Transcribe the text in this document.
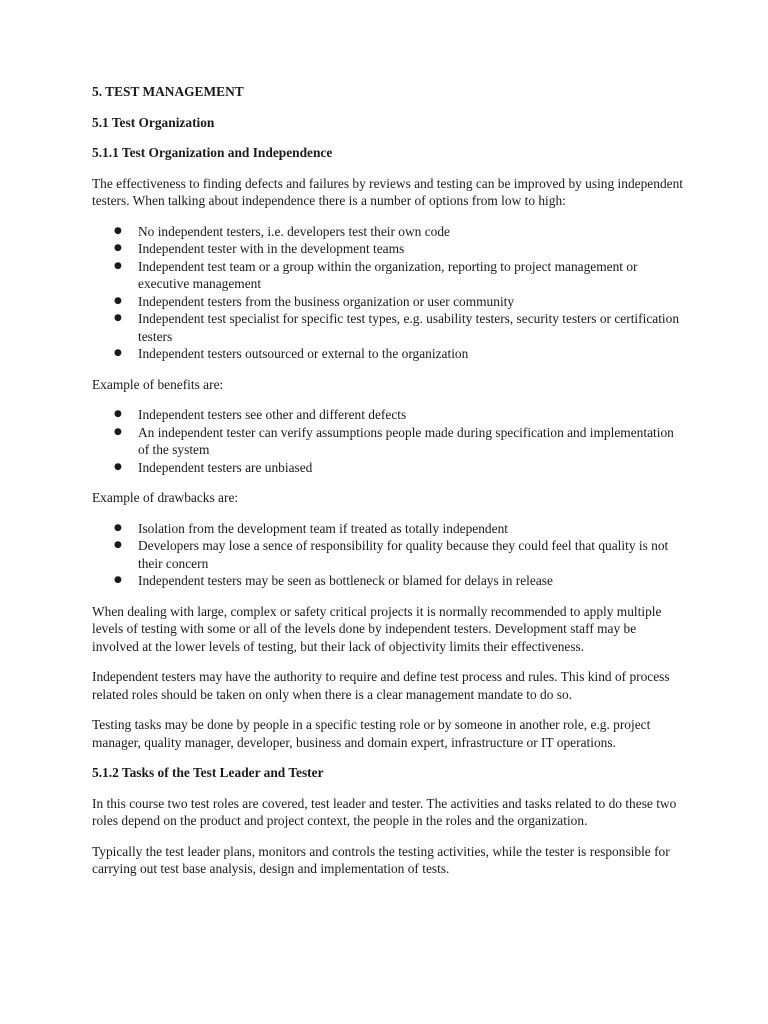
5. TEST MANAGEMENT
5.1 Test Organization
5.1.1 Test Organization and Independence

The effectiveness to finding defects and failures by reviews and testing can be improved by using independent testers. When talking about independence there is a number of options from low to high:

● No independent testers, i.e. developers test their own code
● Independent tester with in the development teams
● Independent test team or a group within the organization, reporting to project management or executive management
● Independent testers from the business organization or user community
● Independent test specialist for specific test types, e.g. usability testers, security testers or certification testers
● Independent testers outsourced or external to the organization

Example of benefits are:

● Independent testers see other and different defects
● An independent tester can verify assumptions people made during specification and implementation of the system
● Independent testers are unbiased

Example of drawbacks are:

● Isolation from the development team if treated as totally independent
● Developers may lose a sence of responsibility for quality because they could feel that quality is not their concern
● Independent testers may be seen as bottleneck or blamed for delays in release

When dealing with large, complex or safety critical projects it is normally recommended to apply multiple levels of testing with some or all of the levels done by independent testers. Development staff may be involved at the lower levels of testing, but their lack of objectivity limits their effectiveness.

Independent testers may have the authority to require and define test process and rules. This kind of process related roles should be taken on only when there is a clear management mandate to do so.

Testing tasks may be done by people in a specific testing role or by someone in another role, e.g. project manager, quality manager, developer, business and domain expert, infrastructure or IT operations.

5.1.2 Tasks of the Test Leader and Tester

In this course two test roles are covered, test leader and tester. The activities and tasks related to do these two roles depend on the product and project context, the people in the roles and the organization.

Typically the test leader plans, monitors and controls the testing activities, while the tester is responsible for carrying out test base analysis, design and implementation of tests.
